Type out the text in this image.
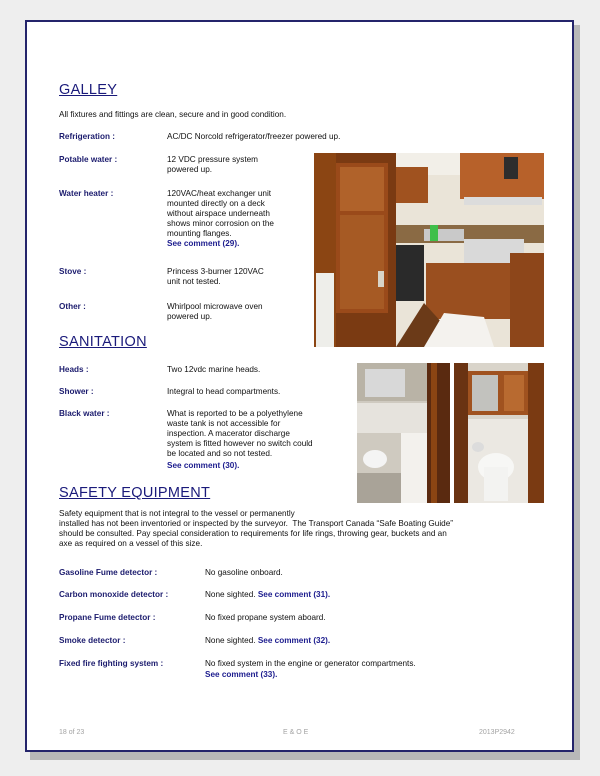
GALLEY
All fixtures and fittings are clean, secure and in good condition.
Refrigeration :	AC/DC Norcold refrigerator/freezer powered up.
Potable water :	12 VDC pressure system
powered up.
Water heater :	120VAC/heat exchanger unit
mounted directly on a deck
without airspace underneath
shows minor corrosion on the
mounting flanges.
See comment (29).
Stove :	Princess 3-burner 120VAC
unit not tested.
Other :	Whirlpool microwave oven
powered up.
SANITATION
Heads :	Two 12vdc marine heads.
Shower :	Integral to head compartments.
Black water :	What is reported to be a polyethylene
waste tank is not accessible for
inspection. A macerator discharge
system is fitted however no switch could
be located and so not tested.
See comment (30).
SAFETY EQUIPMENT
Safety equipment that is not integral to the vessel or permanently
installed has not been inventoried or inspected by the surveyor.  The Transport Canada “Safe Boating Guide”
should be consulted. Pay special consideration to requirements for life rings, throwing gear, buckets and an
axe as required on a vessel of this size.
Gasoline Fume detector :	No gasoline onboard.
Carbon monoxide detector :	None sighted. See comment (31).
Propane Fume detector :	No fixed propane system aboard.
Smoke detector :	None sighted. See comment (32).
Fixed fire fighting system :	No fixed system in the engine or generator compartments.
See comment (33).
18 of 23	E & O E	2013P2942
